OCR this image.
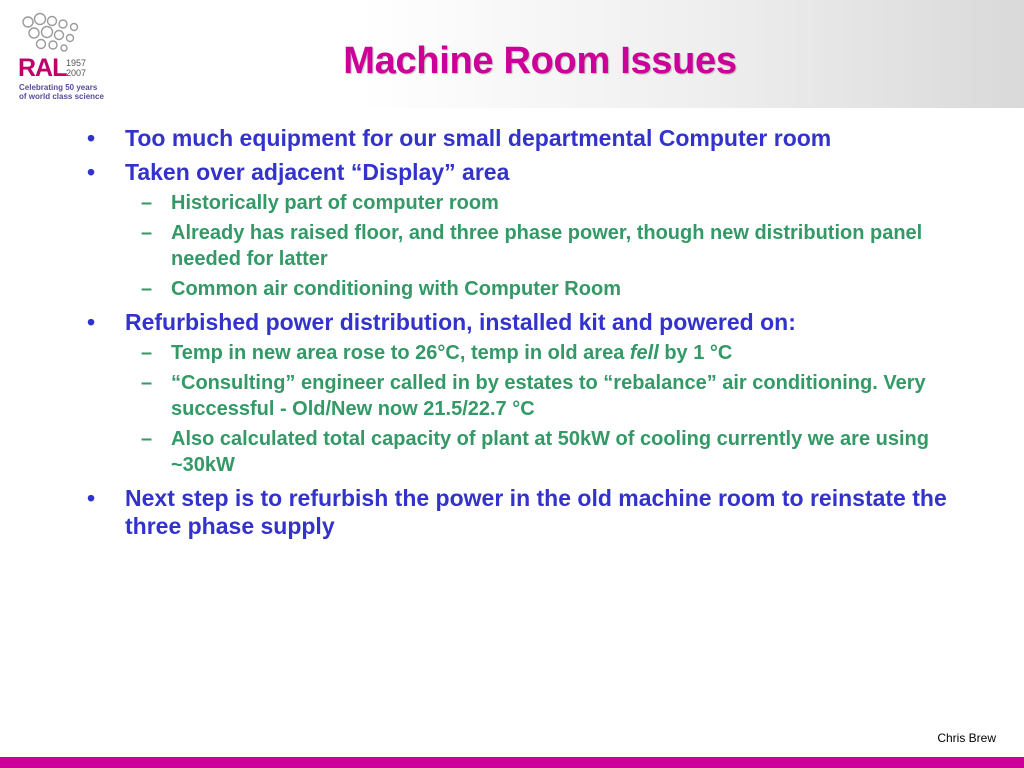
RAL 1957
2007
Celebrating 50 years
of world class science
Machine Room Issues
• Too much equipment for our small departmental Computer room
• Taken over adjacent “Display” area
– Historically part of computer room
– Already has raised floor, and three phase power, though new distribution panel needed for latter
– Common air conditioning with Computer Room
• Refurbished power distribution, installed kit and powered on:
– Temp in new area rose to 26°C, temp in old area fell by 1 °C
– “Consulting” engineer called in by estates to “rebalance” air conditioning. Very successful - Old/New now 21.5/22.7 °C
– Also calculated total capacity of plant at 50kW of cooling currently we are using ~30kW
• Next step is to refurbish the power in the old machine room to reinstate the three phase supply
Chris Brew
